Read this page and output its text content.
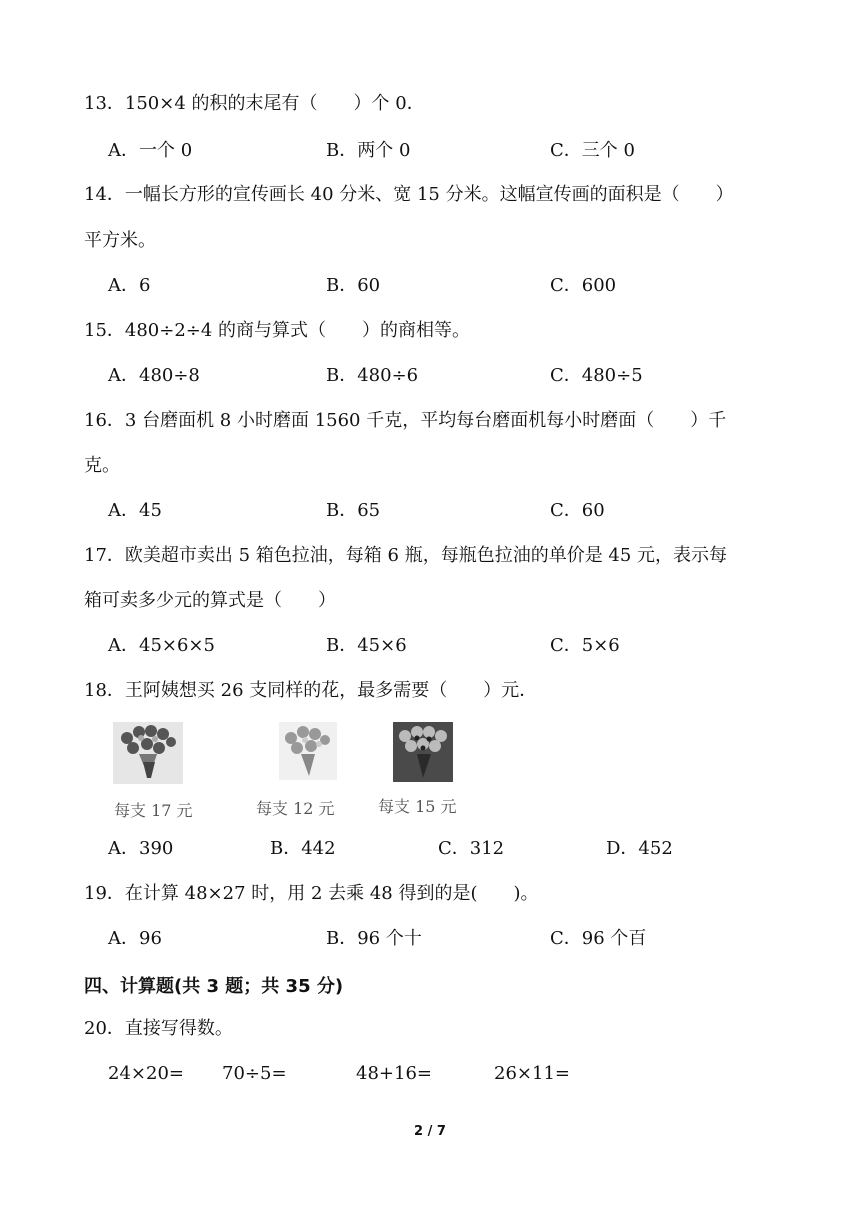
13．150×4 的积的末尾有（　　）个 0．
A．一个 0	B．两个 0	C．三个 0
14．一幅长方形的宣传画长 40 分米、宽 15 分米。这幅宣传画的面积是（　　）
平方米。
A．6	B．60	C．600
15．480÷2÷4 的商与算式（　　）的商相等。
A．480÷8	B．480÷6	C．480÷5
16．3 台磨面机 8 小时磨面 1560 千克，平均每台磨面机每小时磨面（　　）千
克。
A．45	B．65	C．60
17．欧美超市卖出 5 箱色拉油，每箱 6 瓶，每瓶色拉油的单价是 45 元，表示每
箱可卖多少元的算式是（　　）
A．45×6×5	B．45×6	C．5×6
18．王阿姨想买 26 支同样的花，最多需要（　　）元．
每支 17 元	每支 12 元	每支 15 元
A．390	B．442	C．312	D．452
19．在计算 48×27 时，用 2 去乘 48 得到的是(　　)。
A．96	B．96 个十	C．96 个百
四、计算题(共 3 题；共 35 分)
20．直接写得数。
24×20= 70÷5=	48+16=	26×11=
2 / 7
